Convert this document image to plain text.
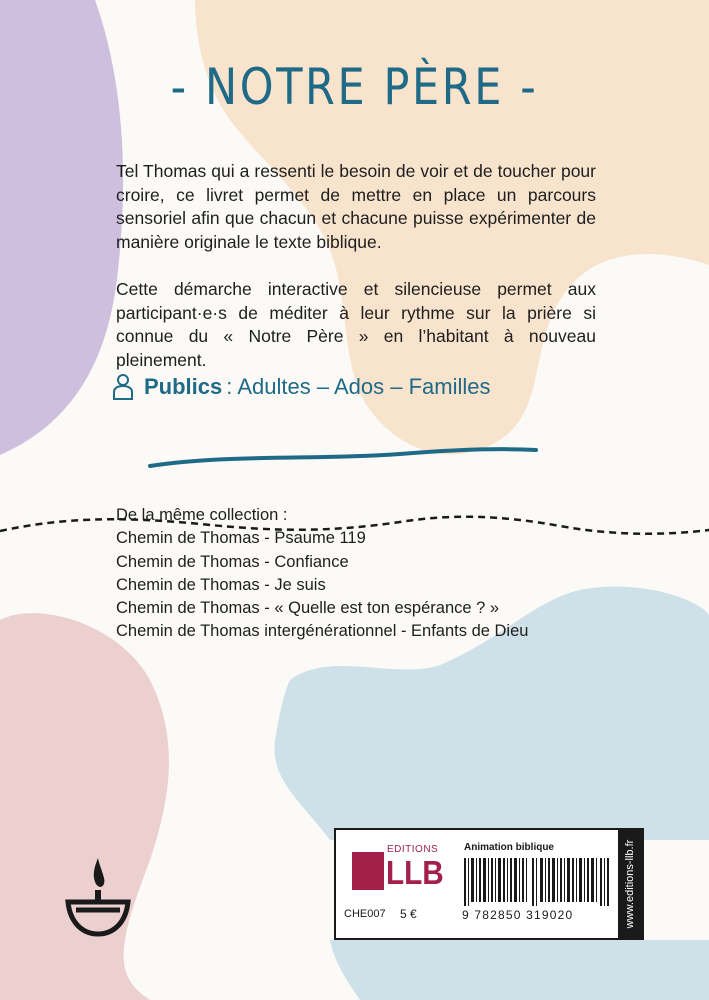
- NOTRE PÈRE -
Tel Thomas qui a ressenti le besoin de voir et de toucher pour croire, ce livret permet de mettre en place un parcours sensoriel afin que chacun et chacune puisse expérimenter de manière originale le texte biblique.
Cette démarche interactive et silencieuse permet aux participant·e·s de méditer à leur rythme sur la prière si connue du « Notre Père » en l’habitant à nouveau pleinement.
Publics : Adultes – Ados – Familles
De la même collection :
Chemin de Thomas - Psaume 119
Chemin de Thomas - Confiance
Chemin de Thomas - Je suis
Chemin de Thomas - « Quelle est ton espérance ? »
Chemin de Thomas intergénérationnel - Enfants de Dieu
EDITIONS
LLB
Animation biblique
CHE007 5 €	9 782850 319020	www.editions-llb.fr
